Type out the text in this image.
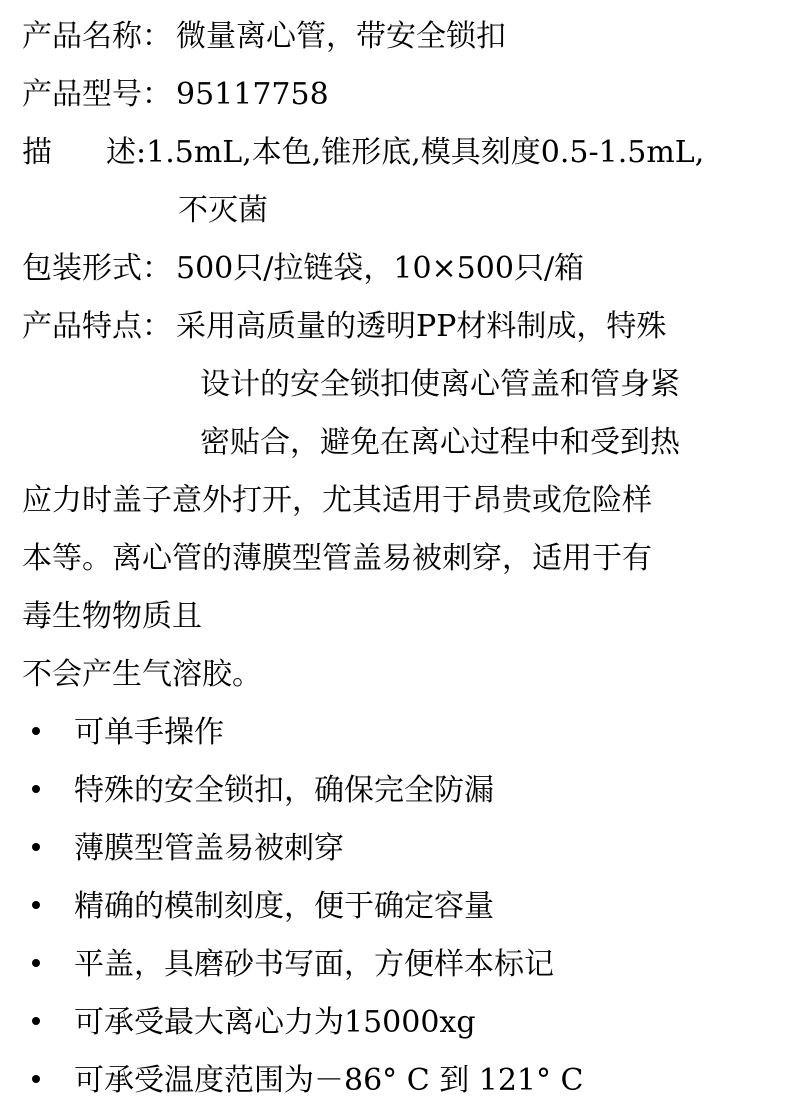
产品名称： 微量离心管，带安全锁扣
产品型号： 95117758
描 述:1.5mL,本色,锥形底,模具刻度0.5-1.5mL,
不灭菌
包装形式： 500只/拉链袋，10×500只/箱
产品特点： 采用高质量的透明PP材料制成，特殊
设计的安全锁扣使离心管盖和管身紧
密贴合，避免在离心过程中和受到热
应力时盖子意外打开，尤其适用于昂贵或危险样
本等。离心管的薄膜型管盖易被刺穿，适用于有
毒生物物质且
不会产生气溶胶。
可单手操作
特殊的安全锁扣，确保完全防漏
薄膜型管盖易被刺穿
精确的模制刻度，便于确定容量
平盖，具磨砂书写面，方便样本标记
可承受最大离心力为15000xg
可承受温度范围为－86° C 到 121° C
